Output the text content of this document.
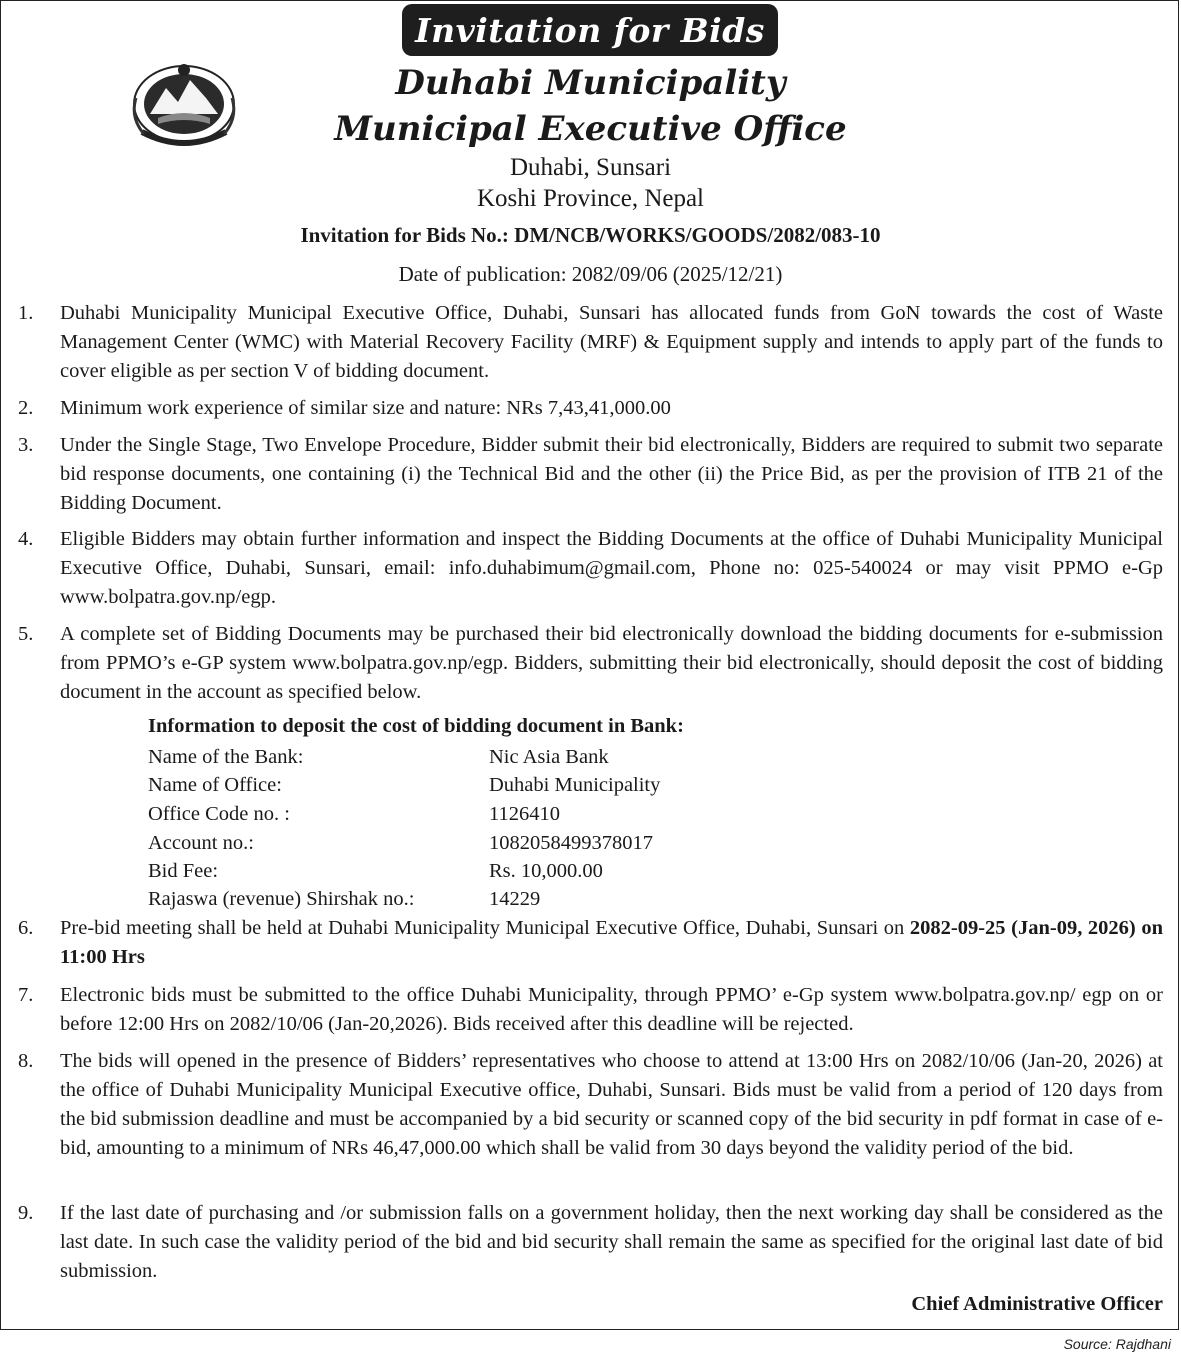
Invitation for Bids
Duhabi Municipality
Municipal Executive Office
Duhabi, Sunsari
Koshi Province, Nepal
Invitation for Bids No.: DM/NCB/WORKS/GOODS/2082/083-10
Date of publication: 2082/09/06 (2025/12/21)
1. Duhabi Municipality Municipal Executive Office, Duhabi, Sunsari has allocated funds from GoN towards the cost of Waste Management Center (WMC) with Material Recovery Facility (MRF) & Equipment supply and intends to apply part of the funds to cover eligible as per section V of bidding document.
2. Minimum work experience of similar size and nature: NRs 7,43,41,000.00
3. Under the Single Stage, Two Envelope Procedure, Bidder submit their bid electronically, Bidders are required to submit two separate bid response documents, one containing (i) the Technical Bid and the other (ii) the Price Bid, as per the provision of ITB 21 of the Bidding Document.
4. Eligible Bidders may obtain further information and inspect the Bidding Documents at the office of Duhabi Municipality Municipal Executive Office, Duhabi, Sunsari, email: info.duhabimum@gmail.com, Phone no: 025-540024 or may visit PPMO e-Gp www.bolpatra.gov.np/egp.
5. A complete set of Bidding Documents may be purchased their bid electronically download the bidding documents for e-submission from PPMO’s e-GP system www.bolpatra.gov.np/egp. Bidders, submitting their bid electronically, should deposit the cost of bidding document in the account as specified below.
Information to deposit the cost of bidding document in Bank:
Name of the Bank:	Nic Asia Bank
Name of Office:	Duhabi Municipality
Office Code no. :	1126410
Account no.:	1082058499378017
Bid Fee:	Rs. 10,000.00
Rajaswa (revenue) Shirshak no.:	14229
6. Pre-bid meeting shall be held at Duhabi Municipality Municipal Executive Office, Duhabi, Sunsari on 2082-09-25 (Jan-09, 2026) on 11:00 Hrs
7. Electronic bids must be submitted to the office Duhabi Municipality, through PPMO’ e-Gp system www.bolpatra.gov.np/ egp on or before 12:00 Hrs on 2082/10/06 (Jan-20,2026). Bids received after this deadline will be rejected.
8. The bids will opened in the presence of Bidders’ representatives who choose to attend at 13:00 Hrs on 2082/10/06 (Jan-20, 2026) at the office of Duhabi Municipality Municipal Executive office, Duhabi, Sunsari. Bids must be valid from a period of 120 days from the bid submission deadline and must be accompanied by a bid security or scanned copy of the bid security in pdf format in case of e-bid, amounting to a minimum of NRs 46,47,000.00 which shall be valid from 30 days beyond the validity period of the bid.
9. If the last date of purchasing and /or submission falls on a government holiday, then the next working day shall be considered as the last date. In such case the validity period of the bid and bid security shall remain the same as specified for the original last date of bid submission.
Chief Administrative Officer
Source: Rajdhani
